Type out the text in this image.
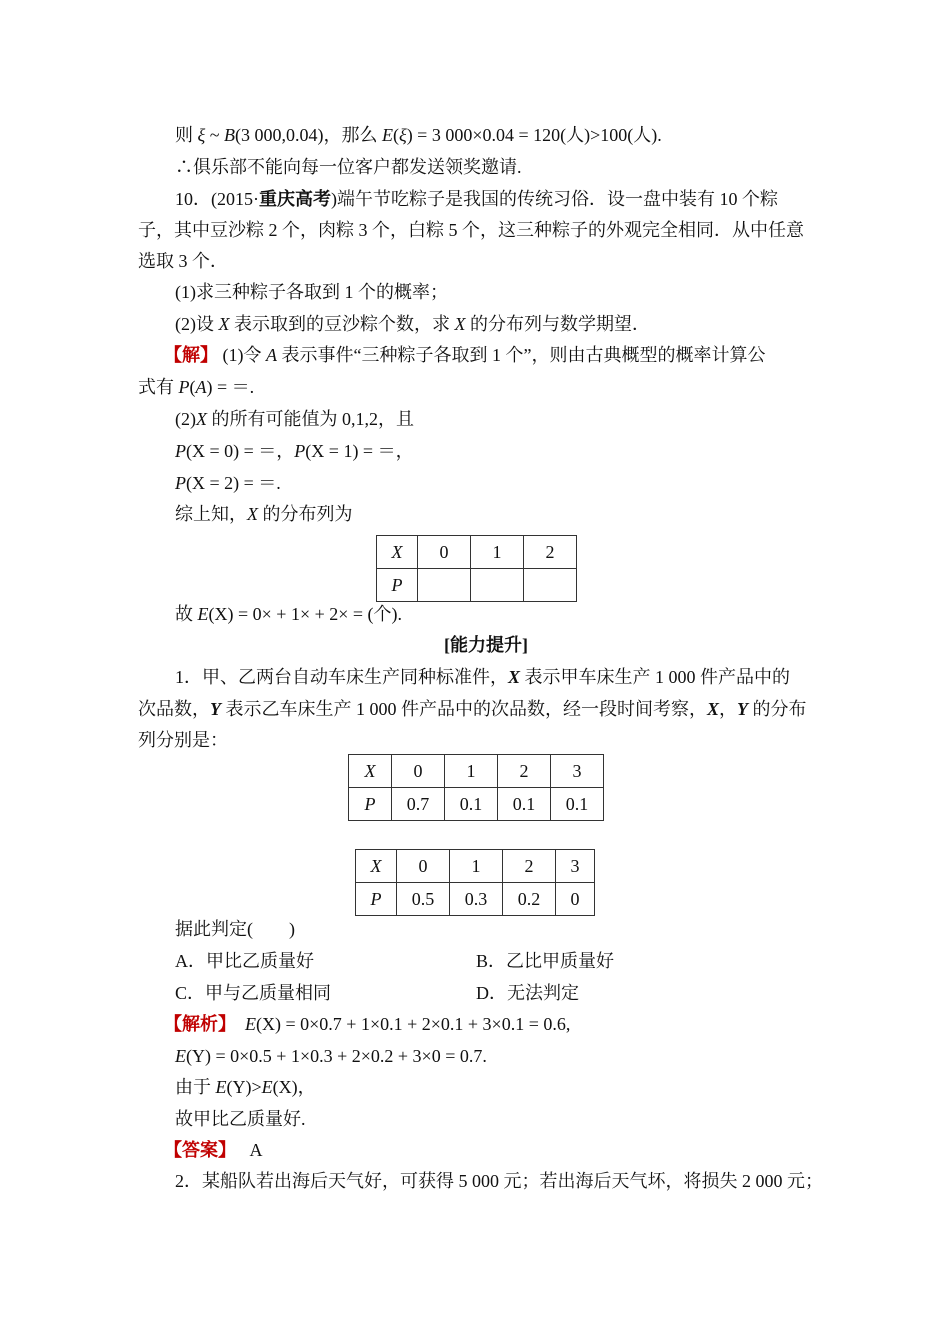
则 ξ ~ B(3 000,0.04)，那么 E(ξ) = 3 000×0.04 = 120(人)>100(人).
∴俱乐部不能向每一位客户都发送领奖邀请.
10．(2015·重庆高考)端午节吃粽子是我国的传统习俗．设一盘中装有 10 个粽
子，其中豆沙粽 2 个，肉粽 3 个，白粽 5 个，这三种粽子的外观完全相同．从中任意
选取 3 个．
(1)求三种粽子各取到 1 个的概率；
(2)设 X 表示取到的豆沙粽个数，求 X 的分布列与数学期望．
【解】 (1)令 A 表示事件“三种粽子各取到 1 个”，则由古典概型的概率计算公
式有 P(A) = ＝.
(2)X 的所有可能值为 0,1,2，且
P(X = 0) = ＝，P(X = 1) = ＝，
P(X = 2) = ＝.
综上知，X 的分布列为
X	0	1	2
P			
故 E(X) = 0× + 1× + 2× = (个).
[能力提升]
1．甲、乙两台自动车床生产同种标准件，X 表示甲车床生产 1 000 件产品中的
次品数，Y 表示乙车床生产 1 000 件产品中的次品数，经一段时间考察，X，Y 的分布
列分别是：
X	0	1	2	3
P	0.7	0.1	0.1	0.1
X	0	1	2	3
P	0.5	0.3	0.2	0
据此判定(　　)
A．甲比乙质量好	B．乙比甲质量好
C．甲与乙质量相同	D．无法判定
【解析】 E(X) = 0×0.7 + 1×0.1 + 2×0.1 + 3×0.1 = 0.6,
E(Y) = 0×0.5 + 1×0.3 + 2×0.2 + 3×0 = 0.7.
由于 E(Y)>E(X)，
故甲比乙质量好.
【答案】 A
2．某船队若出海后天气好，可获得 5 000 元；若出海后天气坏，将损失 2 000 元；
